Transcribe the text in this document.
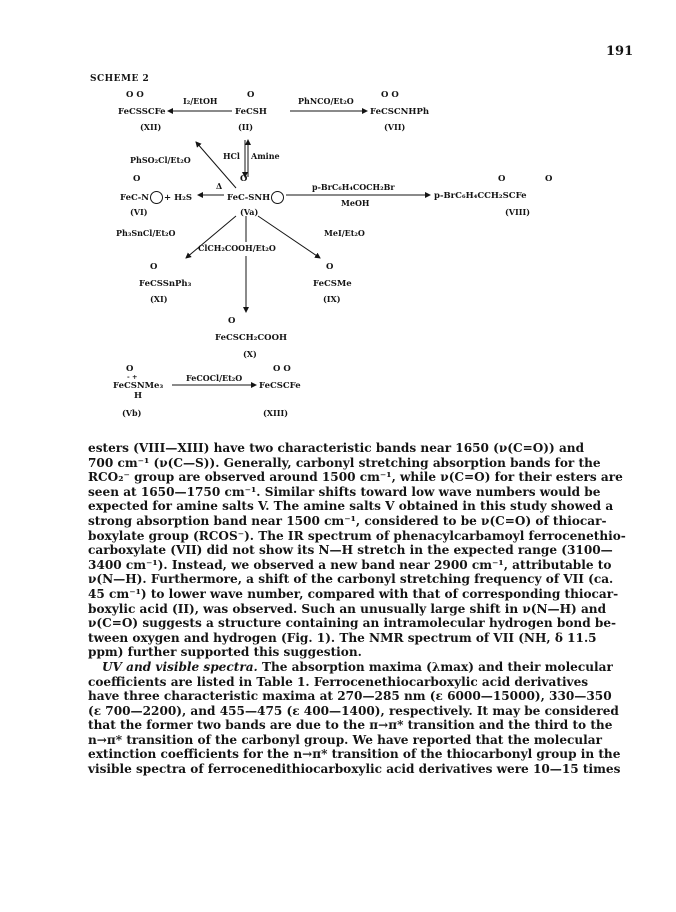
191
SCHEME 2
O O
FeCSSCFe
(XII)
I₂/EtOH
O
FeCSH
(II)
PhNCO/Et₂O
O O
FeCSCNHPh
(VII)
PhSO₂Cl/Et₂O	HCl Amine
O
FeC-N + H₂S
(VI)
Δ
O
FeC-SNH
(Va)
p-BrC₆H₄COCH₂Br
MeOH
O	O
p-BrC₆H₄CCH₂SCFe
(VIII)
Ph₃SnCl/Et₂O	MeI/Et₂O
ClCH₂COOH/Et₂O
O
FeCSSnPh₃
(XI)
O
FeCSMe
(IX)
O
FeCSCH₂COOH
(X)
O
- +
FeCSNMe₃
H
(Vb)
FeCOCl/Et₂O
O O
FeCSCFe
(XIII)

esters (VIII—XIII) have two characteristic bands near 1650 (ν(C=O)) and

700 cm⁻¹ (ν(C—S)). Generally, carbonyl stretching absorption bands for the

RCO₂⁻ group are observed around 1500 cm⁻¹, while ν(C=O) for their esters are

seen at 1650—1750 cm⁻¹. Similar shifts toward low wave numbers would be

expected for amine salts V. The amine salts V obtained in this study showed a

strong absorption band near 1500 cm⁻¹, considered to be ν(C=O) of thiocar-

boxylate group (RCOS⁻). The IR spectrum of phenacylcarbamoyl ferrocenethio-

carboxylate (VII) did not show its N—H stretch in the expected range (3100—

3400 cm⁻¹). Instead, we observed a new band near 2900 cm⁻¹, attributable to

ν(N—H). Furthermore, a shift of the carbonyl stretching frequency of VII (ca.

45 cm⁻¹) to lower wave number, compared with that of corresponding thiocar-

boxylic acid (II), was observed. Such an unusually large shift in ν(N—H) and

ν(C=O) suggests a structure containing an intramolecular hydrogen bond be-

tween oxygen and hydrogen (Fig. 1). The NMR spectrum of VII (NH, δ 11.5

ppm) further supported this suggestion.

UV and visible spectra. The absorption maxima (λmax) and their molecular

coefficients are listed in Table 1. Ferrocenethiocarboxylic acid derivatives

have three characteristic maxima at 270—285 nm (ε 6000—15000), 330—350

(ε 700—2200), and 455—475 (ε 400—1400), respectively. It may be considered

that the former two bands are due to the π→π* transition and the third to the

n→π* transition of the carbonyl group. We have reported that the molecular

extinction coefficients for the n→π* transition of the thiocarbonyl group in the

visible spectra of ferrocenedithiocarboxylic acid derivatives were 10—15 times
